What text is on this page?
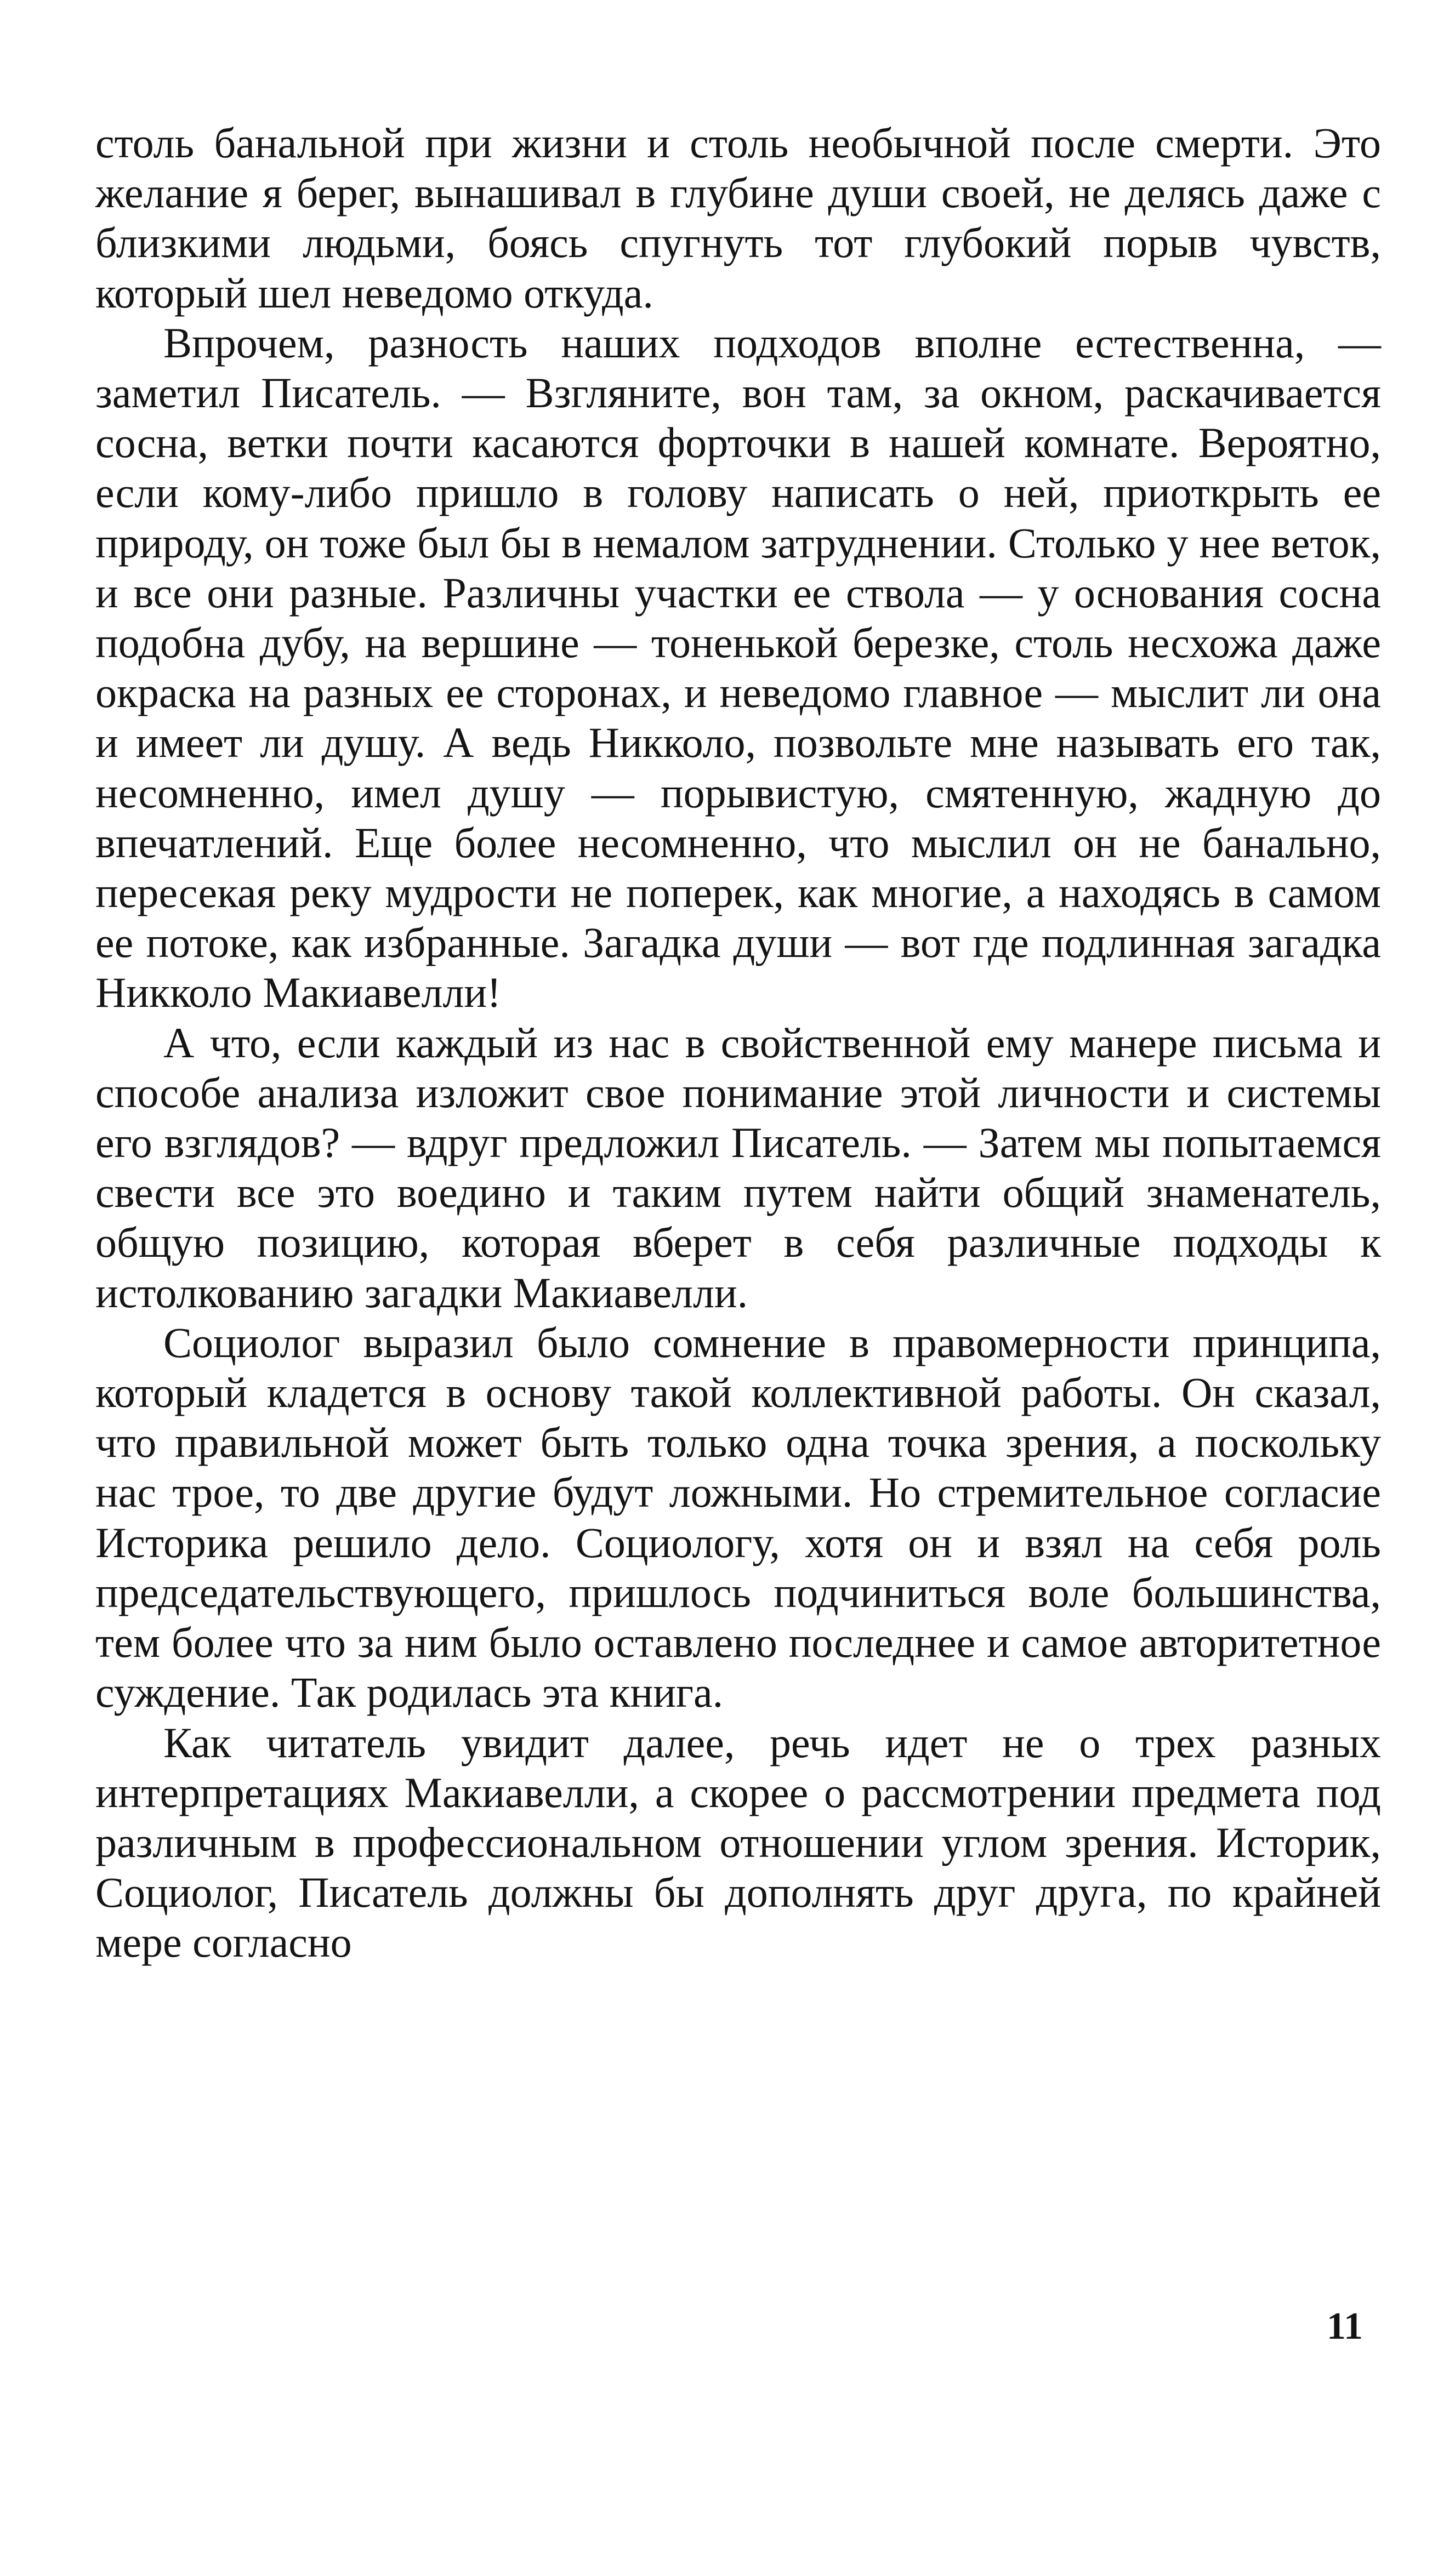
столь банальной при жизни и столь необычной после смерти. Это желание я берег, вынашивал в глубине души своей, не делясь даже с близкими людьми, боясь спугнуть тот глубокий порыв чувств, который шел неведомо откуда.

Впрочем, разность наших подходов вполне естественна, — заметил Писатель. — Взгляните, вон там, за окном, раскачивается сосна, ветки почти касаются форточки в нашей комнате. Вероятно, если кому-либо пришло в голову написать о ней, приоткрыть ее природу, он тоже был бы в немалом затруднении. Столько у нее веток, и все они разные. Различны участки ее ствола — у основания сосна подобна дубу, на вершине — тоненькой березке, столь несхожа даже окраска на разных ее сторонах, и неведомо главное — мыслит ли она и имеет ли душу. А ведь Никколо, позвольте мне называть его так, несомненно, имел душу — порывистую, смятенную, жадную до впечатлений. Еще более несомненно, что мыслил он не банально, пересекая реку мудрости не поперек, как многие, а находясь в самом ее потоке, как избранные. Загадка души — вот где подлинная загадка Никколо Макиавелли!

А что, если каждый из нас в свойственной ему манере письма и способе анализа изложит свое понимание этой личности и системы его взглядов? — вдруг предложил Писатель. — Затем мы попытаемся свести все это воедино и таким путем найти общий знаменатель, общую позицию, которая вберет в себя различные подходы к истолкованию загадки Макиавелли.

Социолог выразил было сомнение в правомерности принципа, который кладется в основу такой коллективной работы. Он сказал, что правильной может быть только одна точка зрения, а поскольку нас трое, то две другие будут ложными. Но стремительное согласие Историка решило дело. Социологу, хотя он и взял на себя роль председательствующего, пришлось подчиниться воле большинства, тем более что за ним было оставлено последнее и самое авторитетное суждение. Так родилась эта книга.

Как читатель увидит далее, речь идет не о трех разных интерпретациях Макиавелли, а скорее о рассмотрении предмета под различным в профессиональном отношении углом зрения. Историк, Социолог, Писатель должны бы дополнять друг друга, по крайней мере согласно

11
